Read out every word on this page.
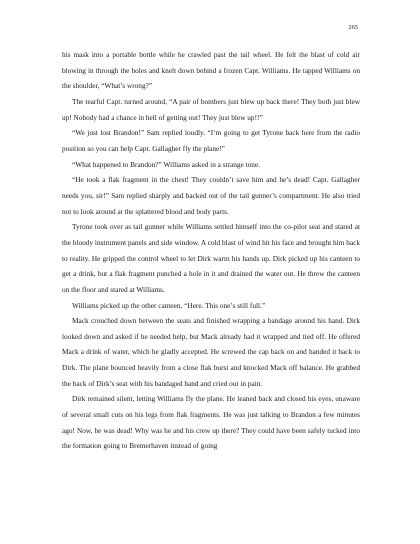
265

his mask into a portable bottle while he crawled past the tail wheel. He felt the blast of cold air blowing in through the holes and knelt down behind a frozen Capt. Williams. He tapped Williams on the shoulder, “What’s wrong?”

The tearful Capt. turned around, “A pair of bombers just blew up back there! They both just blew up! Nobody had a chance in hell of getting out! They just blew up!!”

“We just lost Brandon!” Sam replied loudly. “I’m going to get Tyrone back here from the radio position so you can help Capt. Gallagher fly the plane!”

“What happened to Brandon?” Williams asked in a strange tone.

“He took a flak fragment in the chest! They couldn’t save him and he’s dead! Capt. Gallagher needs you, sir!” Sam replied sharply and backed out of the tail gunner’s compartment. He also tried not to look around at the splattered blood and body parts.

Tyrone took over as tail gunner while Williams settled himself into the co-pilot seat and stared at the bloody instrument panels and side window. A cold blast of wind hit his face and brought him back to reality. He gripped the control wheel to let Dirk warm his hands up. Dirk picked up his canteen to get a drink, but a flak fragment punched a hole in it and drained the water out. He threw the canteen on the floor and stared at Williams.

Williams picked up the other canteen, “Here. This one’s still full.”

Mack crouched down between the seats and finished wrapping a bandage around his hand. Dirk looked down and asked if he needed help, but Mack already had it wrapped and tied off. He offered Mack a drink of water, which he gladly accepted. He screwed the cap back on and handed it back to Dirk. The plane bounced heavily from a close flak burst and knocked Mack off balance. He grabbed the back of Dirk’s seat with his bandaged hand and cried out in pain.

Dirk remained silent, letting Williams fly the plane. He leaned back and closed his eyes, unaware of several small cuts on his legs from flak fragments. He was just talking to Brandon a few minutes ago! Now, he was dead! Why was he and his crew up there? They could have been safely tucked into the formation going to Bremerhaven instead of going
